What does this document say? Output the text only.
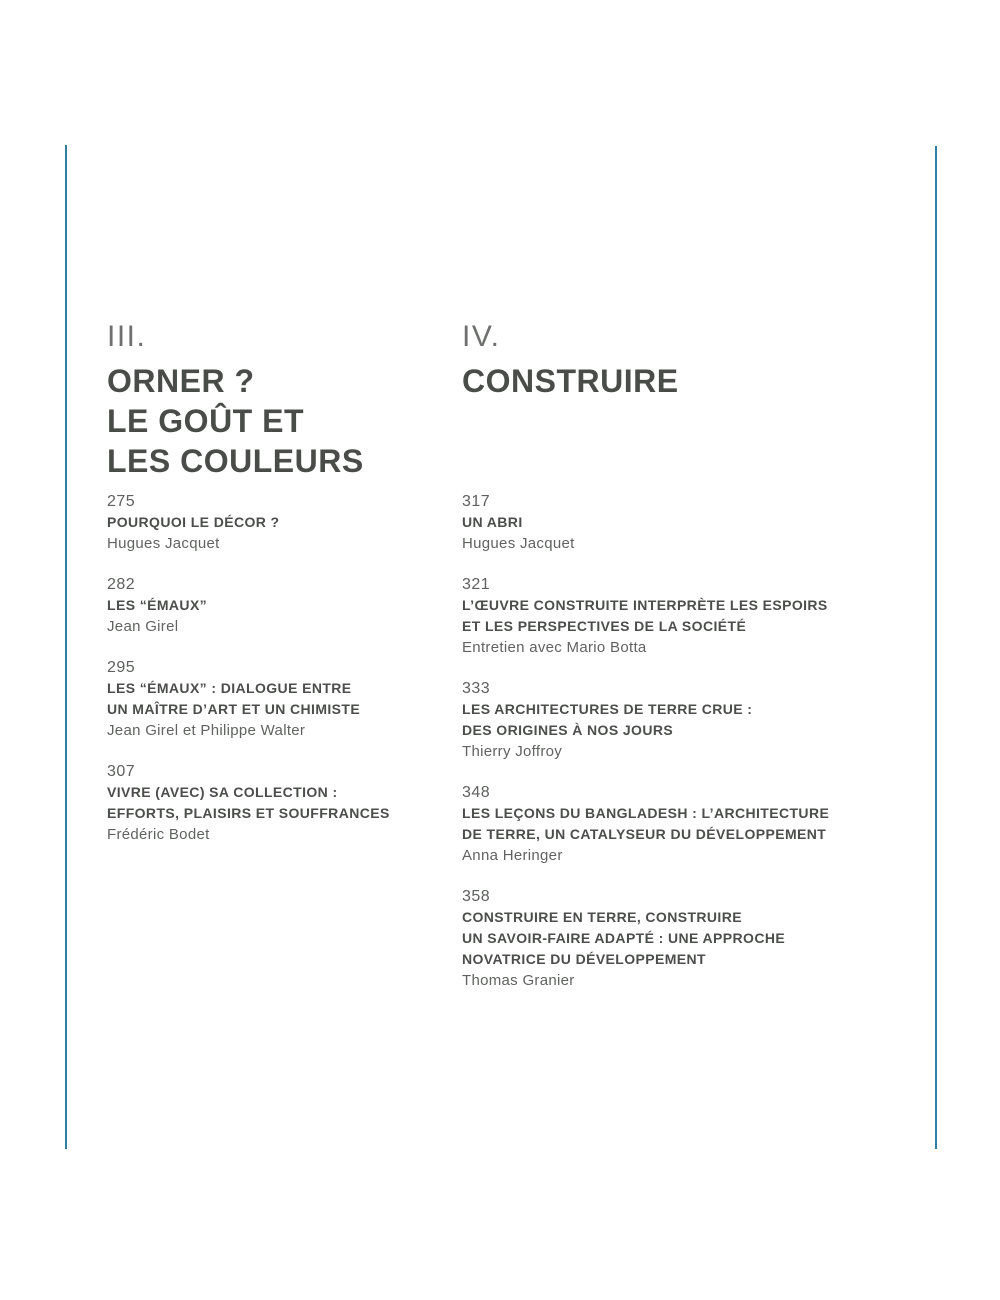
III.
ORNER ?
LE GOÛT ET
LES COULEURS
275
POURQUOI LE DÉCOR ?
Hugues Jacquet
282
LES “ÉMAUX”
Jean Girel
295
LES “ÉMAUX” : DIALOGUE ENTRE
UN MAÎTRE D’ART ET UN CHIMISTE
Jean Girel et Philippe Walter
307
VIVRE (AVEC) SA COLLECTION :
EFFORTS, PLAISIRS ET SOUFFRANCES
Frédéric Bodet
IV.
CONSTRUIRE
317
UN ABRI
Hugues Jacquet
321
L’ŒUVRE CONSTRUITE INTERPRÈTE LES ESPOIRS
ET LES PERSPECTIVES DE LA SOCIÉTÉ
Entretien avec Mario Botta
333
LES ARCHITECTURES DE TERRE CRUE :
DES ORIGINES À NOS JOURS
Thierry Joffroy
348
LES LEÇONS DU BANGLADESH : L’ARCHITECTURE
DE TERRE, UN CATALYSEUR DU DÉVELOPPEMENT
Anna Heringer
358
CONSTRUIRE EN TERRE, CONSTRUIRE
UN SAVOIR-FAIRE ADAPTÉ : UNE APPROCHE
NOVATRICE DU DÉVELOPPEMENT
Thomas Granier
